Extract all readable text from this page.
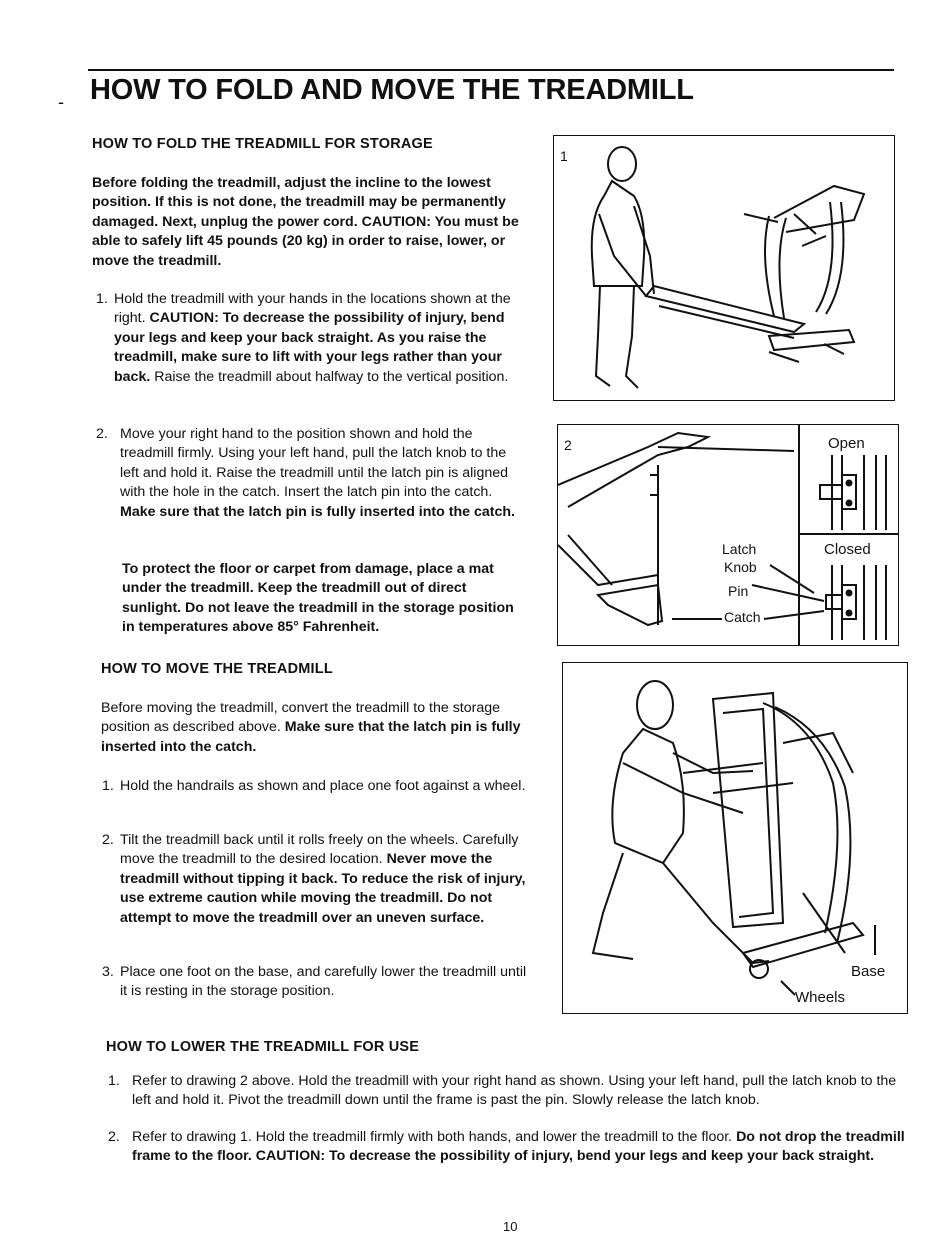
- HOW TO FOLD AND MOVE THE TREADMILL
HOW TO FOLD THE TREADMILL FOR STORAGE
Before folding the treadmill, adjust the incline to the lowest position. If this is not done, the treadmill may be permanently damaged. Next, unplug the power cord. CAUTION: You must be able to safely lift 45 pounds (20 kg) in order to raise, lower, or move the treadmill.
1. Hold the treadmill with your hands in the locations shown at the right. CAUTION: To decrease the possibility of injury, bend your legs and keep your back straight. As you raise the treadmill, make sure to lift with your legs rather than your back. Raise the treadmill about halfway to the vertical position.
2. Move your right hand to the position shown and hold the treadmill firmly. Using your left hand, pull the latch knob to the left and hold it. Raise the treadmill until the latch pin is aligned with the hole in the catch. Insert the latch pin into the catch. Make sure that the latch pin is fully inserted into the catch.
To protect the floor or carpet from damage, place a mat under the treadmill. Keep the treadmill out of direct sunlight. Do not leave the treadmill in the storage position in temperatures above 85° Fahrenheit.
HOW TO MOVE THE TREADMILL
Before moving the treadmill, convert the treadmill to the storage position as described above. Make sure that the latch pin is fully inserted into the catch.
1. Hold the handrails as shown and place one foot against a wheel.
2. Tilt the treadmill back until it rolls freely on the wheels. Carefully move the treadmill to the desired location. Never move the treadmill without tipping it back. To reduce the risk of injury, use extreme caution while moving the treadmill. Do not attempt to move the treadmill over an uneven surface.
3. Place one foot on the base, and carefully lower the treadmill until it is resting in the storage position.
HOW TO LOWER THE TREADMILL FOR USE
1. Refer to drawing 2 above. Hold the treadmill with your right hand as shown. Using your left hand, pull the latch knob to the left and hold it. Pivot the treadmill down until the frame is past the pin. Slowly release the latch knob.
2. Refer to drawing 1. Hold the treadmill firmly with both hands, and lower the treadmill to the floor. Do not drop the treadmill frame to the floor. CAUTION: To decrease the possibility of injury, bend your legs and keep your back straight.
1
2	Open
Closed
Latch
Knob
Pin
Catch
Base
Wheels
10
